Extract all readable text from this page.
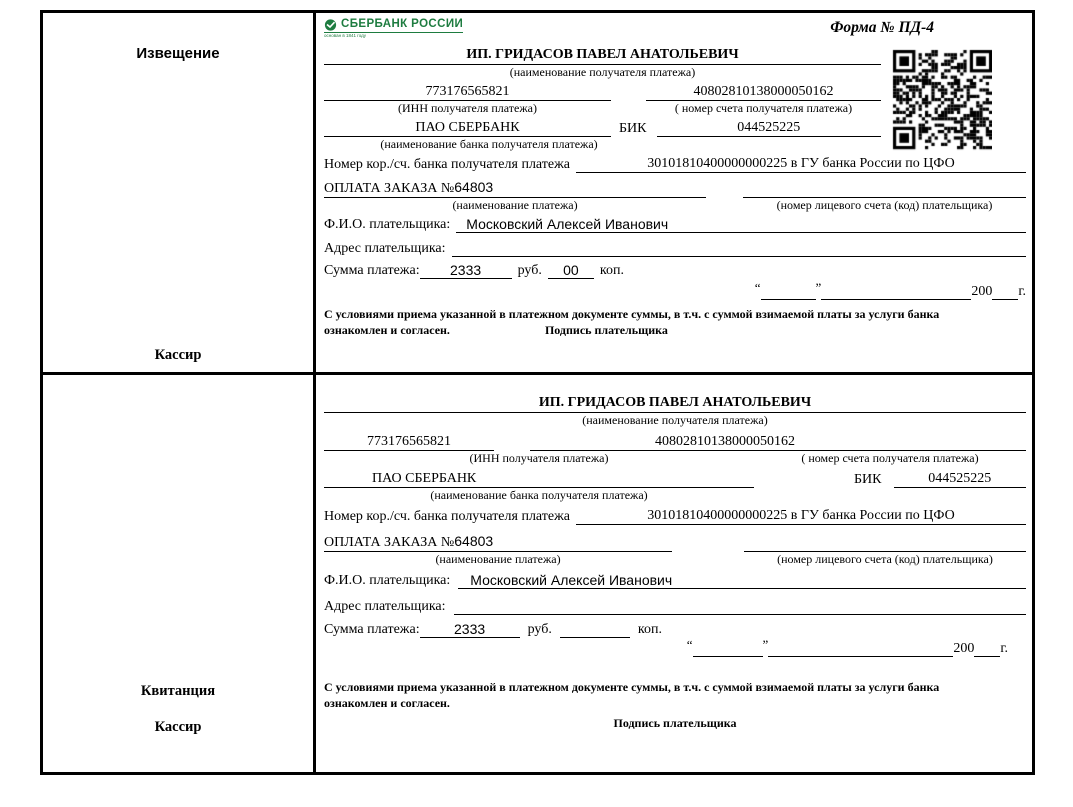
Извещение
Кассир
СБЕРБАНК РОССИИ
основан в 1841 году	Форма № ПД-4
ИП. ГРИДАСОВ ПАВЕЛ АНАТОЛЬЕВИЧ
(наименование получателя платежа)
773176565821
(ИНН получателя платежа)
40802810138000050162
( номер счета получателя платежа)
ПАО СБЕРБАНК	БИК	044525225
(наименование банка получателя платежа)
Номер кор./сч. банка получателя платежа	30101810400000000225 в ГУ банка России по ЦФО
ОПЛАТА ЗАКАЗА №64803
(наименование платежа)	(номер лицевого счета (код) плательщика)
Ф.И.О. плательщика:	Московский Алексей Иванович
Адрес плательщика:
Сумма платежа:	2333	руб.	00	коп.
“	”	200 г.
С условиями приема указанной в платежном документе суммы, в т.ч. с суммой взимаемой платы за услуги банка
ознакомлен и согласен.	Подпись плательщика
Квитанция
Кассир
ИП. ГРИДАСОВ ПАВЕЛ АНАТОЛЬЕВИЧ
(наименование получателя платежа)
773176565821	40802810138000050162
(ИНН получателя платежа)	( номер счета получателя платежа)
ПАО СБЕРБАНК	БИК	044525225
(наименование банка получателя платежа)
Номер кор./сч. банка получателя платежа	30101810400000000225 в ГУ банка России по ЦФО
ОПЛАТА ЗАКАЗА №64803
(наименование платежа)	(номер лицевого счета (код) плательщика)
Ф.И.О. плательщика:	Московский Алексей Иванович
Адрес плательщика:
Сумма платежа:	2333	руб.	коп.
“	”	200 г.
С условиями приема указанной в платежном документе суммы, в т.ч. с суммой взимаемой платы за услуги банка
ознакомлен и согласен.
Подпись плательщика
